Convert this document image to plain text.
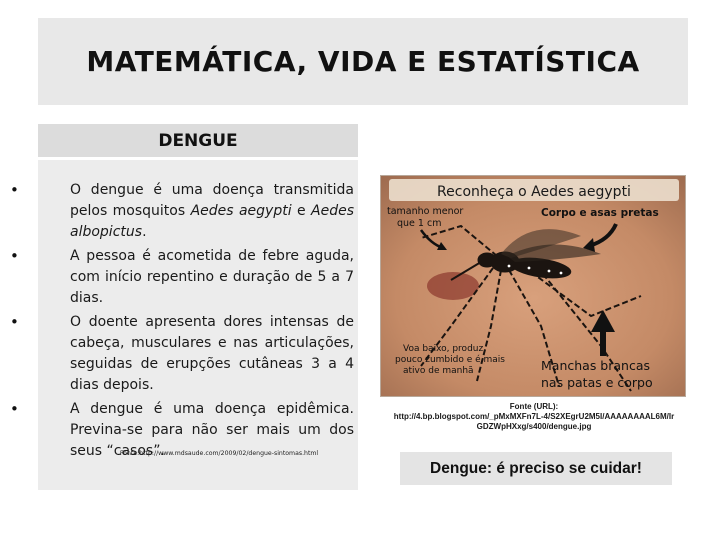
MATEMÁTICA, VIDA E ESTATÍSTICA
DENGUE
•	O dengue é uma doença transmitida pelos mosquitos Aedes aegypti e Aedes albopictus.

•	A pessoa é acometida de febre aguda, com início repentino e duração de 5 a 7 dias.

•	O doente apresenta dores intensas de cabeça, musculares e nas articulações, seguidas de erupções cutâneas 3 a 4 dias depois.

•	A dengue é uma doença epidêmica. Previna-se para não ser mais um dos seus “casos”.

Fonte:http://www.mdsaude.com/2009/02/dengue-sintomas.html
Reconheça o Aedes aegypti
tamanho menor
que 1 cm
Corpo e asas pretas
Voa baixo, produz
pouco zumbido e é mais
ativo de manhã	Manchas brancas
nas patas e corpo
Fonte (URL):
http://4.bp.blogspot.com/_pMxMXFn7L-4/S2XEgrU2M5I/AAAAAAAAL6M/Ir
GDZWpHXxg/s400/dengue.jpg
Dengue: é preciso se cuidar!
